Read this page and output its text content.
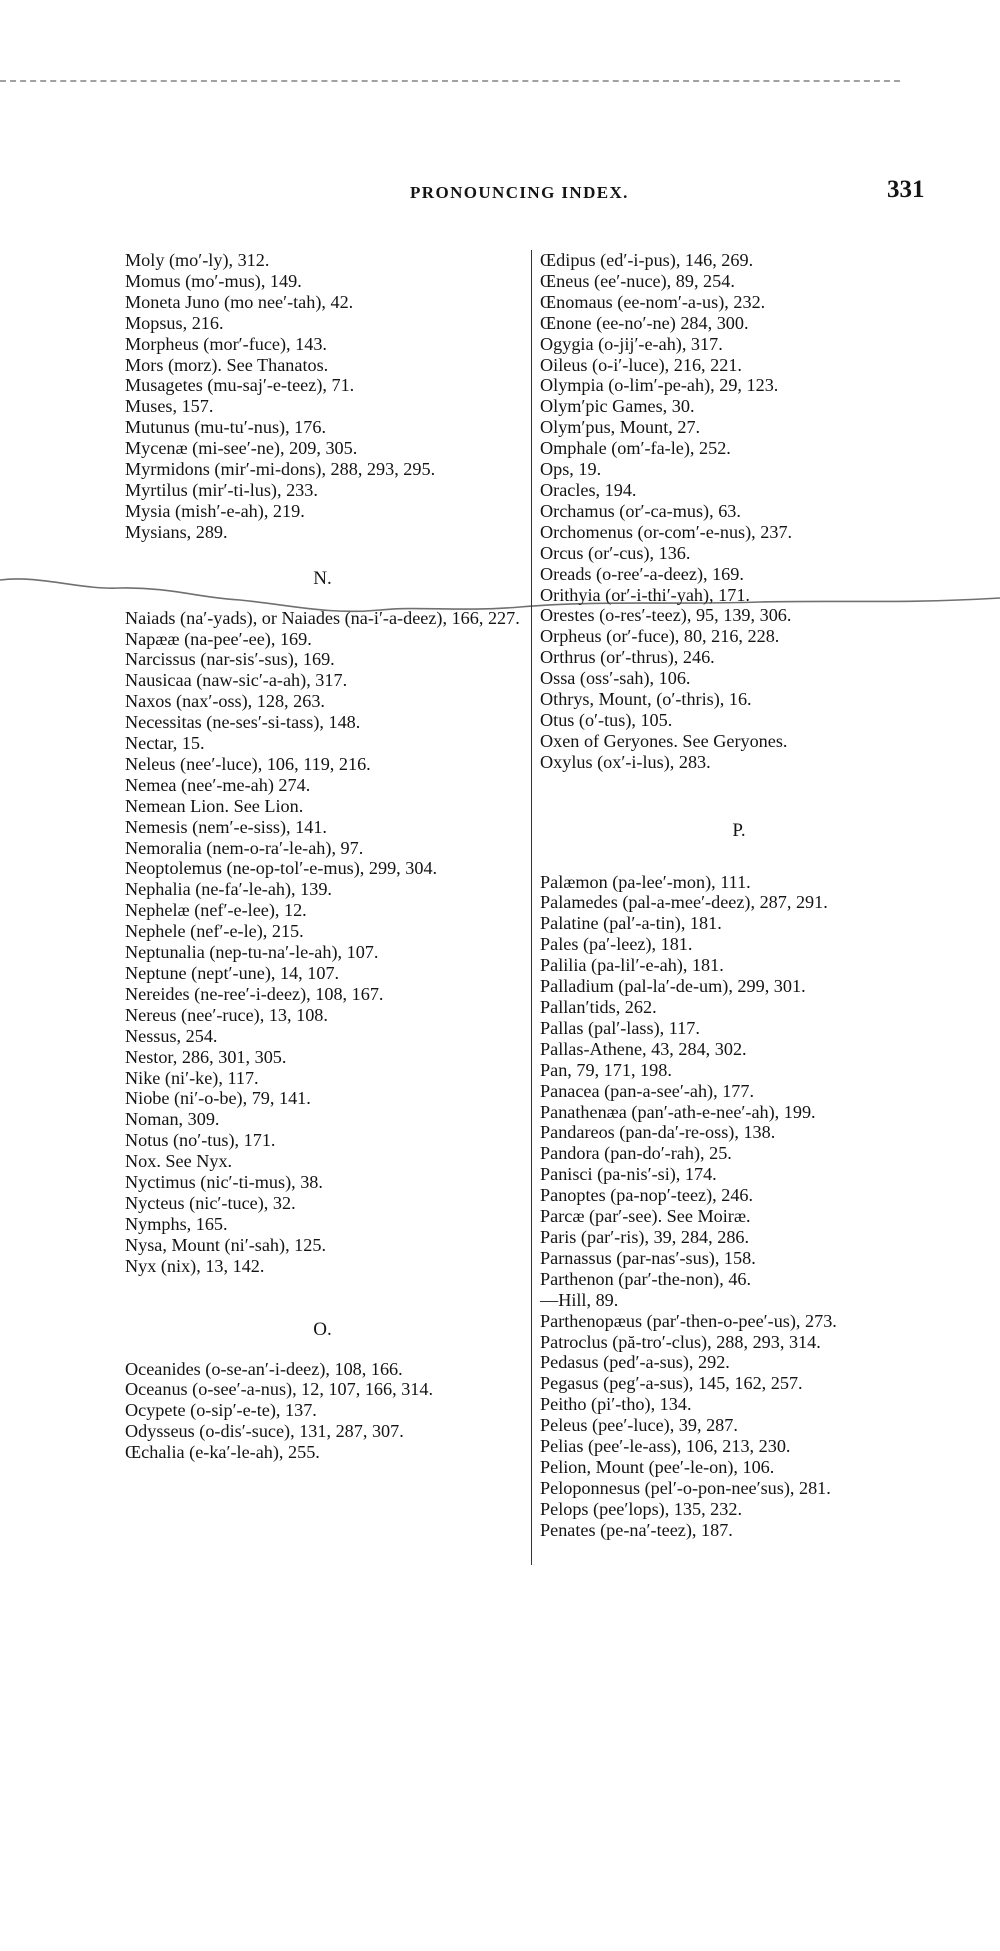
PRONOUNCING INDEX.	331

Moly (mo′-ly), 312.

Momus (mo′-mus), 149.

Moneta Juno (mo nee′-tah), 42.

Mopsus, 216.

Morpheus (mor′-fuce), 143.

Mors (morz). See Thanatos.

Musagetes (mu-saj′-e-teez), 71.

Muses, 157.

Mutunus (mu-tu′-nus), 176.

Mycenæ (mi-see′-ne), 209, 305.

Myrmidons (mir′-mi-dons), 288, 293, 295.

Myrtilus (mir′-ti-lus), 233.

Mysia (mish′-e-ah), 219.

Mysians, 289.

N.

Naiads (na′-yads), or Naiades (na-i′-a-deez), 166, 227.

Napææ (na-pee′-ee), 169.

Narcissus (nar-sis′-sus), 169.

Nausicaa (naw-sic′-a-ah), 317.

Naxos (nax′-oss), 128, 263.

Necessitas (ne-ses′-si-tass), 148.

Nectar, 15.

Neleus (nee′-luce), 106, 119, 216.

Nemea (nee′-me-ah) 274.

Nemean Lion. See Lion.

Nemesis (nem′-e-siss), 141.

Nemoralia (nem-o-ra′-le-ah), 97.

Neoptolemus (ne-op-tol′-e-mus), 299, 304.

Nephalia (ne-fa′-le-ah), 139.

Nephelæ (nef′-e-lee), 12.

Nephele (nef′-e-le), 215.

Neptunalia (nep-tu-na′-le-ah), 107.

Neptune (nept′-une), 14, 107.

Nereides (ne-ree′-i-deez), 108, 167.

Nereus (nee′-ruce), 13, 108.

Nessus, 254.

Nestor, 286, 301, 305.

Nike (ni′-ke), 117.

Niobe (ni′-o-be), 79, 141.

Noman, 309.

Notus (no′-tus), 171.

Nox. See Nyx.

Nyctimus (nic′-ti-mus), 38.

Nycteus (nic′-tuce), 32.

Nymphs, 165.

Nysa, Mount (ni′-sah), 125.

Nyx (nix), 13, 142.

O.

Oceanides (o-se-an′-i-deez), 108, 166.

Oceanus (o-see′-a-nus), 12, 107, 166, 314.

Ocypete (o-sip′-e-te), 137.

Odysseus (o-dis′-suce), 131, 287, 307.

Œchalia (e-ka′-le-ah), 255.

Œdipus (ed′-i-pus), 146, 269.

Œneus (ee′-nuce), 89, 254.

Œnomaus (ee-nom′-a-us), 232.

Œnone (ee-no′-ne) 284, 300.

Ogygia (o-jij′-e-ah), 317.

Oileus (o-i′-luce), 216, 221.

Olympia (o-lim′-pe-ah), 29, 123.

Olym′pic Games, 30.

Olym′pus, Mount, 27.

Omphale (om′-fa-le), 252.

Ops, 19.

Oracles, 194.

Orchamus (or′-ca-mus), 63.

Orchomenus (or-com′-e-nus), 237.

Orcus (or′-cus), 136.

Oreads (o-ree′-a-deez), 169.

Orithyia (or′-i-thi′-yah), 171.

Orestes (o-res′-teez), 95, 139, 306.

Orpheus (or′-fuce), 80, 216, 228.

Orthrus (or′-thrus), 246.

Ossa (oss′-sah), 106.

Othrys, Mount, (o′-thris), 16.

Otus (o′-tus), 105.

Oxen of Geryones. See Geryones.

Oxylus (ox′-i-lus), 283.

P.

Palæmon (pa-lee′-mon), 111.

Palamedes (pal-a-mee′-deez), 287, 291.

Palatine (pal′-a-tin), 181.

Pales (pa′-leez), 181.

Palilia (pa-lil′-e-ah), 181.

Palladium (pal-la′-de-um), 299, 301.

Pallan′tids, 262.

Pallas (pal′-lass), 117.

Pallas-Athene, 43, 284, 302.

Pan, 79, 171, 198.

Panacea (pan-a-see′-ah), 177.

Panathenæa (pan′-ath-e-nee′-ah), 199.

Pandareos (pan-da′-re-oss), 138.

Pandora (pan-do′-rah), 25.

Panisci (pa-nis′-si), 174.

Panoptes (pa-nop′-teez), 246.

Parcæ (par′-see). See Moiræ.

Paris (par′-ris), 39, 284, 286.

Parnassus (par-nas′-sus), 158.

Parthenon (par′-the-non), 46.

—Hill, 89.

Parthenopæus (par′-then-o-pee′-us), 273.

Patroclus (pă-tro′-clus), 288, 293, 314.

Pedasus (ped′-a-sus), 292.

Pegasus (peg′-a-sus), 145, 162, 257.

Peitho (pi′-tho), 134.

Peleus (pee′-luce), 39, 287.

Pelias (pee′-le-ass), 106, 213, 230.

Pelion, Mount (pee′-le-on), 106.

Peloponnesus (pel′-o-pon-nee′sus), 281.

Pelops (pee′lops), 135, 232.

Penates (pe-na′-teez), 187.
